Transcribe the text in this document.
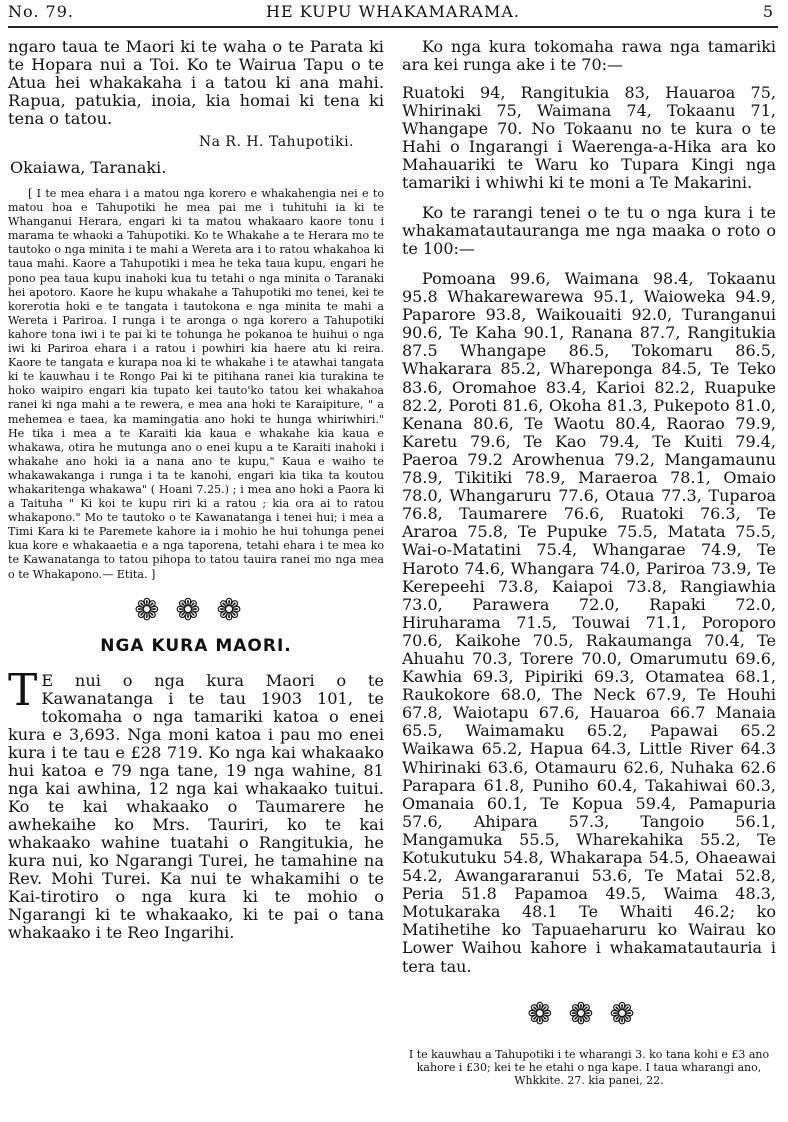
No. 79.	HE KUPU WHAKAMARAMA.	5

ngaro taua te Maori ki te waha o te Parata ki te Hopara nui a Toi. Ko te Wairua Tapu o te Atua hei whakakaha i a tatou ki ana mahi. Rapua, patukia, inoia, kia homai ki tena ki tena o tatou.

Na R. H. Tahupotiki.
Okaiawa, Taranaki.

[ I te mea ehara i a matou nga korero e whakahengia nei e to matou hoa e Tahupotiki he mea pai me i tuhituhi ia ki te Whanganui Herara, engari ki ta matou whakaaro kaore tonu i marama te whaoki a Tahupotiki. Ko te Whakahe a te Herara mo te tautoko o nga minita i te mahi a Wereta ara i to ratou whakahoa ki taua mahi. Kaore a Tahupotiki i mea he teka taua kupu, engari he pono pea taua kupu inahoki kua tu tetahi o nga minita o Taranaki hei apotoro. Kaore he kupu whakahe a Tahupotiki mo tenei, kei te korerotia hoki e te tangata i tautokona e nga minita te mahi a Wereta i Pariroa. I runga i te aronga o nga korero a Tahupotiki kahore tona iwi i te pai ki te tohunga he pokanoa te huihui o nga iwi ki Pariroa ehara i a ratou i powhiri kia haere atu ki reira. Kaore te tangata e kurapa noa ki te whakahe i te atawhai tangata ki te kauwhau i te Rongo Pai ki te pitihana ranei kia turakina te hoko waipiro engari kia tupato kei tauto'ko tatou kei whakahoa ranei ki nga mahi a te rewera, e mea ana hoki te Karaipiture, " a mehemea e taea, ka mamingatia ano hoki te hunga whiriwhiri." He tika i mea a te Karaiti kia kaua e whakahe kia kaua e whakawa, otira he mutunga ano o enei kupu a te Karaiti inahoki i whakahe ano hoki ia a nana ano te kupu," Kaua e waiho te whakawakanga i runga i ta te kanohi, engari kia tika ta koutou whakaritenga whakawa" ( Hoani 7.25.) ; i mea ano hoki a Paora ki a Taituha " Ki koi te kupu riri ki a ratou ; kia ora ai to ratou whakapono." Mo te tautoko o te Kawanatanga i tenei hui; i mea a Timi Kara ki te Paremete kahore ia i mohio he hui tohunga penei kua kore e whakaaetia e a nga taporena, tetahi ehara i te mea ko te Kawanatanga to tatou pihopa to tatou tauira ranei mo nga mea o te Whakapono.— Etita. ]

❁❁❁
NGA KURA MAORI.
T E nui o nga kura Maori o te Kawanatanga i te tau 1903 101, te tokomaha o nga tamariki katoa o enei kura e 3,693. Nga moni katoa i pau mo enei kura i te tau e £28 719. Ko nga kai whakaako hui katoa e 79 nga tane, 19 nga wahine, 81 nga kai awhina, 12 nga kai whakaako tuitui. Ko te kai whakaako o Taumarere he awhekaihe ko Mrs. Tauriri, ko te kai whakaako wahine tuatahi o Rangitukia, he kura nui, ko Ngarangi Turei, he tamahine na Rev. Mohi Turei. Ka nui te whakamihi o te Kai-tirotiro o nga kura ki te mohio o Ngarangi ki te whakaako, ki te pai o tana whakaako i te Reo Ingarihi.

Ko nga kura tokomaha rawa nga tamariki ara kei runga ake i te 70:—

Ruatoki 94, Rangitukia 83, Hauaroa 75, Whirinaki 75, Waimana 74, Tokaanu 71, Whangape 70. No Tokaanu no te kura o te Hahi o Ingarangi i Waerenga-a-Hika ara ko Mahauariki te Waru ko Tupara Kingi nga tamariki i whiwhi ki te moni a Te Makarini.

Ko te rarangi tenei o te tu o nga kura i te whakamatautauranga me nga maaka o roto o te 100:—

Pomoana 99.6, Waimana 98.4, Tokaanu 95.8 Whakarewarewa 95.1, Waioweka 94.9, Paparore 93.8, Waikouaiti 92.0, Turanganui 90.6, Te Kaha 90.1, Ranana 87.7, Rangitukia 87.5 Whangape 86.5, Tokomaru 86.5, Whakarara 85.2, Whareponga 84.5, Te Teko 83.6, Oromahoe 83.4, Karioi 82.2, Ruapuke 82.2, Poroti 81.6, Okoha 81.3, Pukepoto 81.0, Kenana 80.6, Te Waotu 80.4, Raorao 79.9, Karetu 79.6, Te Kao 79.4, Te Kuiti 79.4, Paeroa 79.2 Arowhenua 79.2, Mangamaunu 78.9, Tikitiki 78.9, Maraeroa 78.1, Omaio 78.0, Whangaruru 77.6, Otaua 77.3, Tuparoa 76.8, Taumarere 76.6, Ruatoki 76.3, Te Araroa 75.8, Te Pupuke 75.5, Matata 75.5, Wai-o-Matatini 75.4, Whangarae 74.9, Te Haroto 74.6, Whangara 74.0, Pariroa 73.9, Te Kerepeehi 73.8, Kaiapoi 73.8, Rangiawhia 73.0, Parawera 72.0, Rapaki 72.0, Hiruharama 71.5, Touwai 71.1, Poroporo 70.6, Kaikohe 70.5, Rakaumanga 70.4, Te Ahuahu 70.3, Torere 70.0, Omarumutu 69.6, Kawhia 69.3, Pipiriki 69.3, Otamatea 68.1, Raukokore 68.0, The Neck 67.9, Te Houhi 67.8, Waiotapu 67.6, Hauaroa 66.7 Manaia 65.5, Waimamaku 65.2, Papawai 65.2 Waikawa 65.2, Hapua 64.3, Little River 64.3 Whirinaki 63.6, Otamauru 62.6, Nuhaka 62.6 Parapara 61.8, Puniho 60.4, Takahiwai 60.3, Omanaia 60.1, Te Kopua 59.4, Pamapuria 57.6, Ahipara 57.3, Tangoio 56.1, Mangamuka 55.5, Wharekahika 55.2, Te Kotukutuku 54.8, Whakarapa 54.5, Ohaeawai 54.2, Awangararanui 53.6, Te Matai 52.8, Peria 51.8 Papamoa 49.5, Waima 48.3, Motukaraka 48.1 Te Whaiti 46.2; ko Matihetihe ko Tapuaeharuru ko Wairau ko Lower Waihou kahore i whakamatautauria i tera tau.

❁❁❁

I te kauwhau a Tahupotiki i te wharangi 3. ko tana kohi e £3 ano kahore i £30; kei te he etahi o nga kape. I taua wharangi ano, Whkkite. 27. kia panei, 22.
